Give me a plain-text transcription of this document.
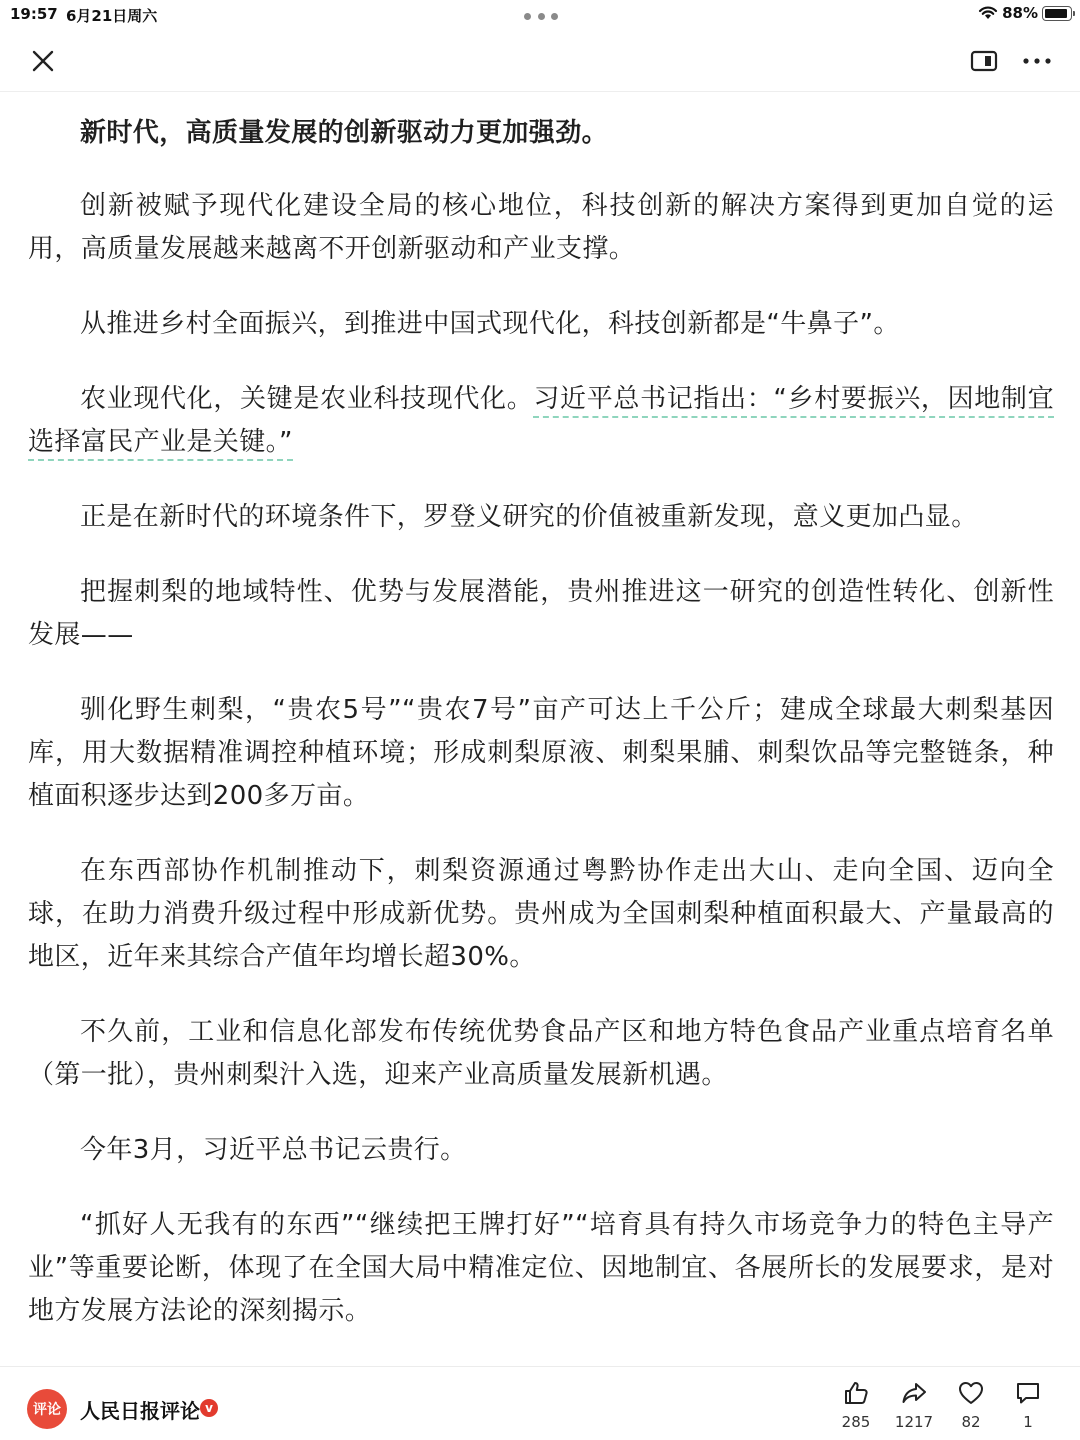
19:57 6月21日周六	88%

新时代，高质量发展的创新驱动力更加强劲。

创新被赋予现代化建设全局的核心地位，科技创新的解决方案得到更加自觉的运用，高质量发展越来越离不开创新驱动和产业支撑。

从推进乡村全面振兴，到推进中国式现代化，科技创新都是“牛鼻子”。

农业现代化，关键是农业科技现代化。习近平总书记指出：“乡村要振兴，因地制宜选择富民产业是关键。”

正是在新时代的环境条件下，罗登义研究的价值被重新发现，意义更加凸显。

把握刺梨的地域特性、优势与发展潜能，贵州推进这一研究的创造性转化、创新性发展——

驯化野生刺梨，“贵农5号”“贵农7号”亩产可达上千公斤；建成全球最大刺梨基因库，用大数据精准调控种植环境；形成刺梨原液、刺梨果脯、刺梨饮品等完整链条，种植面积逐步达到200多万亩。

在东西部协作机制推动下，刺梨资源通过粤黔协作走出大山、走向全国、迈向全球，在助力消费升级过程中形成新优势。贵州成为全国刺梨种植面积最大、产量最高的地区，近年来其综合产值年均增长超30%。

不久前，工业和信息化部发布传统优势食品产区和地方特色食品产业重点培育名单（第一批），贵州刺梨汁入选，迎来产业高质量发展新机遇。

今年3月，习近平总书记云贵行。

“抓好人无我有的东西”“继续把王牌打好”“培育具有持久市场竞争力的特色主导产业”等重要论断，体现了在全国大局中精准定位、因地制宜、各展所长的发展要求，是对地方发展方法论的深刻揭示。

评论 人民日报评论 v
285	1217	82	1
